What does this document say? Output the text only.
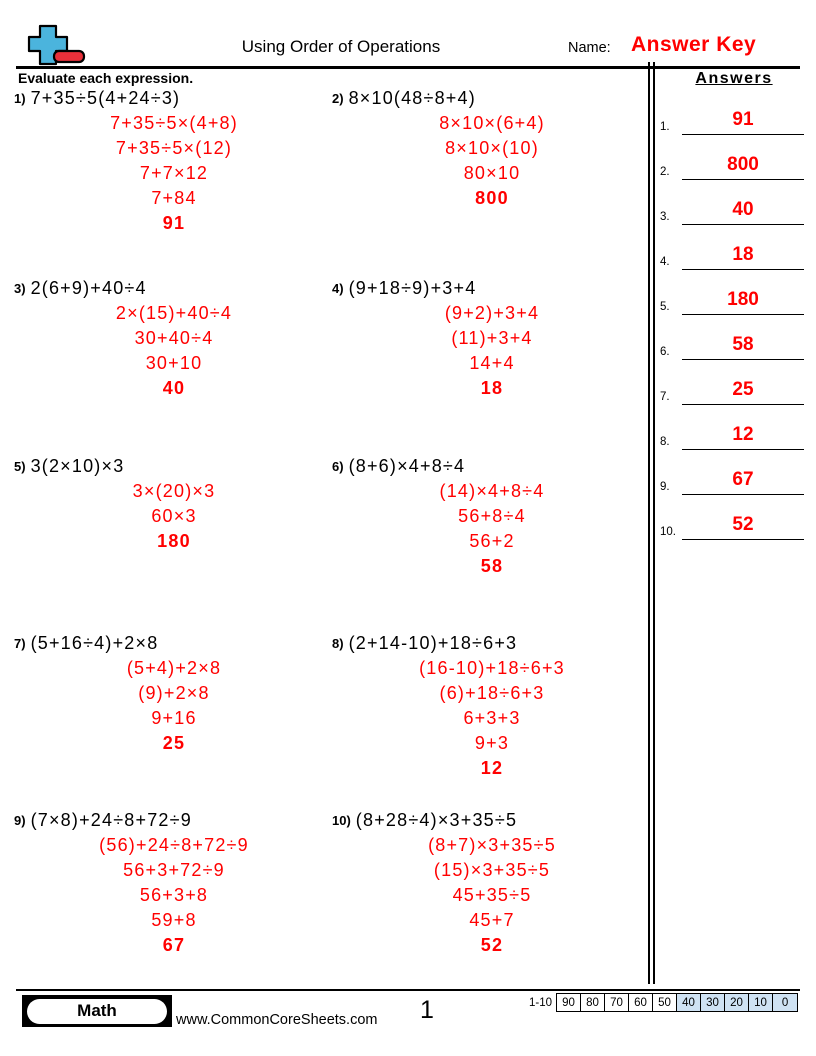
Using Order of Operations	Name: Answer Key
Evaluate each expression.
1) 7+35÷5(4+24÷3)
7+35÷5×(4+8)
7+35÷5×(12)
7+7×12
7+84
91
2) 8×10(48÷8+4)
8×10×(6+4)
8×10×(10)
80×10
800
3) 2(6+9)+40÷4
2×(15)+40÷4
30+40÷4
30+10
40
4) (9+18÷9)+3+4
(9+2)+3+4
(11)+3+4
14+4
18
5) 3(2×10)×3
3×(20)×3
60×3
180
6) (8+6)×4+8÷4
(14)×4+8÷4
56+8÷4
56+2
58
7) (5+16÷4)+2×8
(5+4)+2×8
(9)+2×8
9+16
25
8) (2+14-10)+18÷6+3
(16-10)+18÷6+3
(6)+18÷6+3
6+3+3
9+3
12
9) (7×8)+24÷8+72÷9
(56)+24÷8+72÷9
56+3+72÷9
56+3+8
59+8
67
10) (8+28÷4)×3+35÷5
(8+7)×3+35÷5
(15)×3+35÷5
45+35÷5
45+7
52
Answers
1.	91
2.	800
3.	40
4.	18
5.	180
6.	58
7.	25
8.	12
9.	67
10.	52
Math	www.CommonCoreSheets.com 1	1-10 90 80 70 60 50 40 30 20 10	0
